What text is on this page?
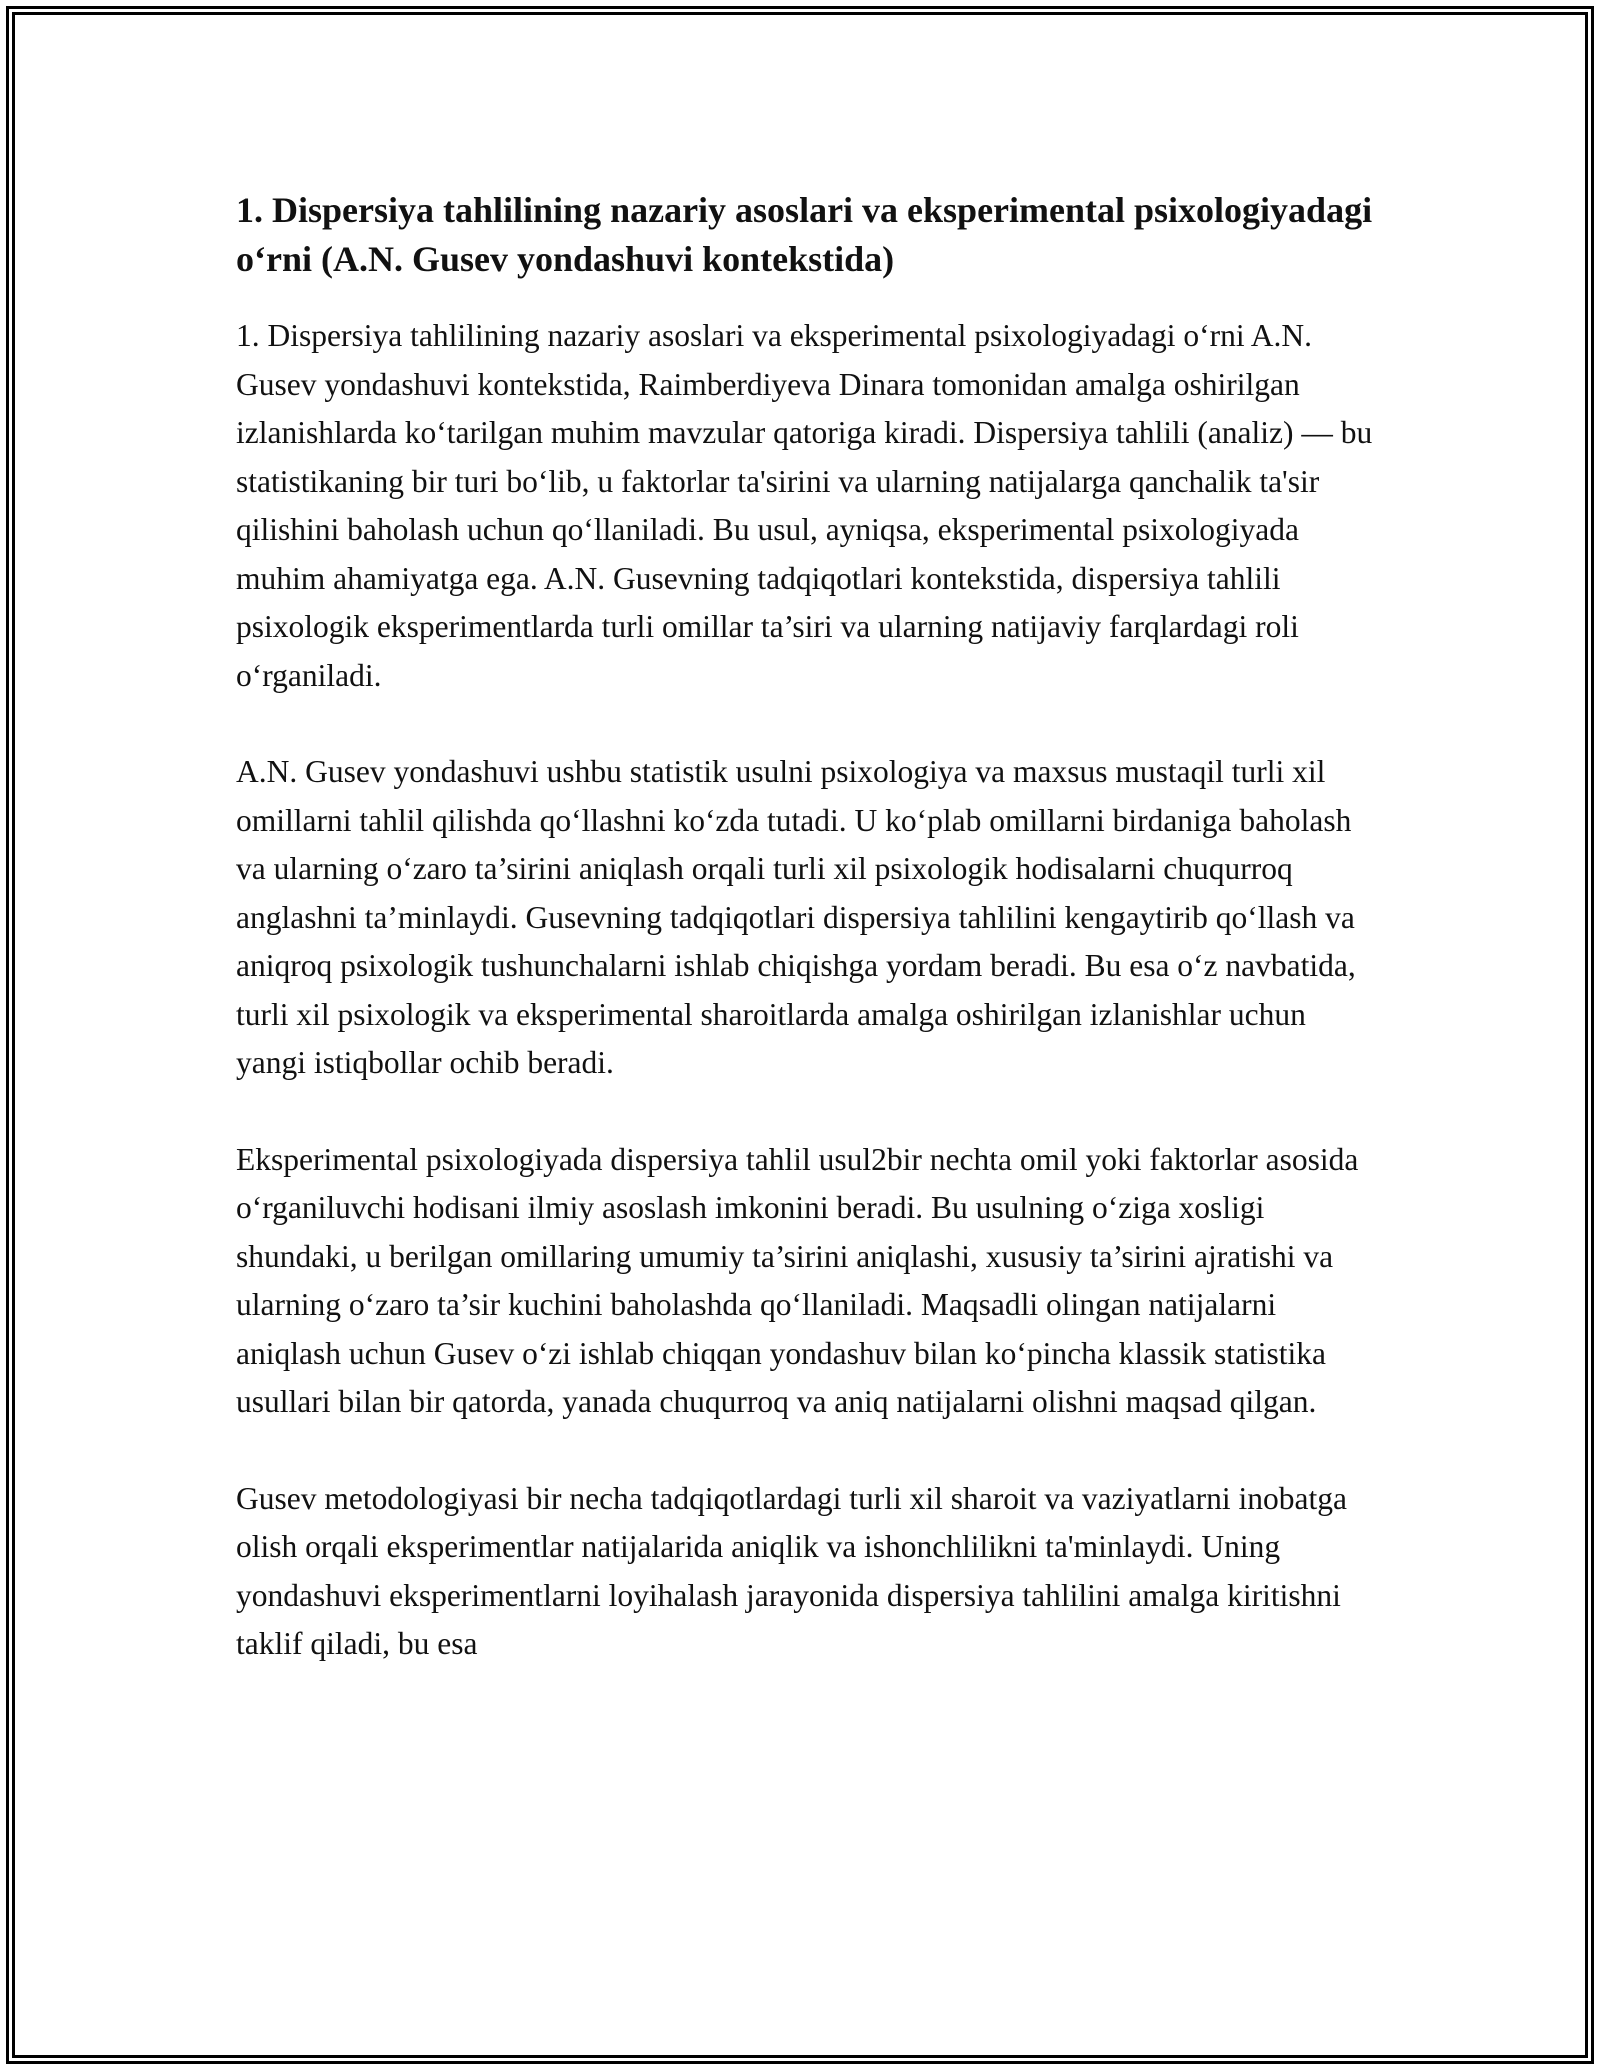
1. Dispersiya tahlilining nazariy asoslari va eksperimental psixologiyadagi o‘rni (A.N. Gusev yondashuvi kontekstida)

1. Dispersiya tahlilining nazariy asoslari va eksperimental psixologiyadagi o‘rni A.N. Gusev yondashuvi kontekstida, Raimberdiyeva Dinara tomonidan amalga oshirilgan izlanishlarda ko‘tarilgan muhim mavzular qatoriga kiradi. Dispersiya tahlili (analiz) — bu statistikaning bir turi bo‘lib, u faktorlar ta'sirini va ularning natijalarga qanchalik ta'sir qilishini baholash uchun qo‘llaniladi. Bu usul, ayniqsa, eksperimental psixologiyada muhim ahamiyatga ega. A.N. Gusevning tadqiqotlari kontekstida, dispersiya tahlili psixologik eksperimentlarda turli omillar ta’siri va ularning natijaviy farqlardagi roli o‘rganiladi.

A.N. Gusev yondashuvi ushbu statistik usulni psixologiya va maxsus mustaqil turli xil omillarni tahlil qilishda qo‘llashni ko‘zda tutadi. U ko‘plab omillarni birdaniga baholash va ularning o‘zaro ta’sirini aniqlash orqali turli xil psixologik hodisalarni chuqurroq anglashni ta’minlaydi. Gusevning tadqiqotlari dispersiya tahlilini kengaytirib qo‘llash va aniqroq psixologik tushunchalarni ishlab chiqishga yordam beradi. Bu esa o‘z navbatida, turli xil psixologik va eksperimental sharoitlarda amalga oshirilgan izlanishlar uchun yangi istiqbollar ochib beradi.

Eksperimental psixologiyada dispersiya tahlil usul2bir nechta omil yoki faktorlar asosida o‘rganiluvchi hodisani ilmiy asoslash imkonini beradi. Bu usulning o‘ziga xosligi shundaki, u berilgan omillaring umumiy ta’sirini aniqlashi, xususiy ta’sirini ajratishi va ularning o‘zaro ta’sir kuchini baholashda qo‘llaniladi. Maqsadli olingan natijalarni aniqlash uchun Gusev o‘zi ishlab chiqqan yondashuv bilan ko‘pincha klassik statistika usullari bilan bir qatorda, yanada chuqurroq va aniq natijalarni olishni maqsad qilgan.

Gusev metodologiyasi bir necha tadqiqotlardagi turli xil sharoit va vaziyatlarni inobatga olish orqali eksperimentlar natijalarida aniqlik va ishonchlilikni ta'minlaydi. Uning yondashuvi eksperimentlarni loyihalash jarayonida dispersiya tahlilini amalga kiritishni taklif qiladi, bu esa
